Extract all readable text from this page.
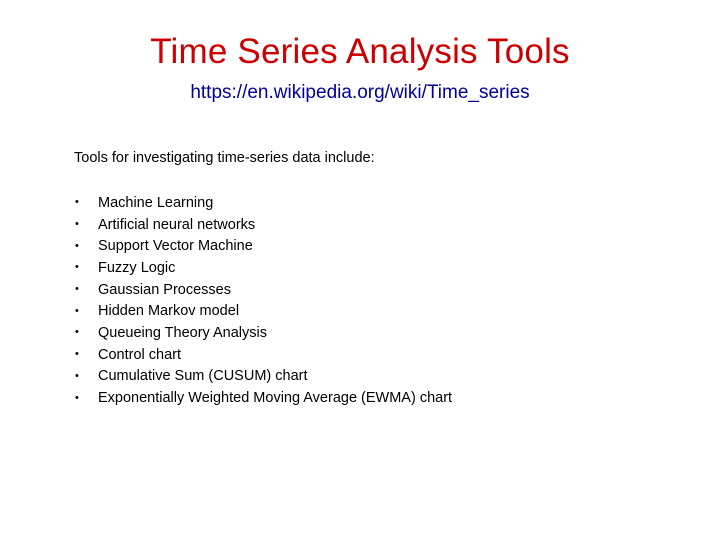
Time Series Analysis Tools
https://en.wikipedia.org/wiki/Time_series
Tools for investigating time-series data include:
•	Machine Learning
•	Artificial neural networks
•	Support Vector Machine
•	Fuzzy Logic
•	Gaussian Processes
•	Hidden Markov model
•	Queueing Theory Analysis
•	Control chart
•	Cumulative Sum (CUSUM) chart
•	Exponentially Weighted Moving Average (EWMA) chart
